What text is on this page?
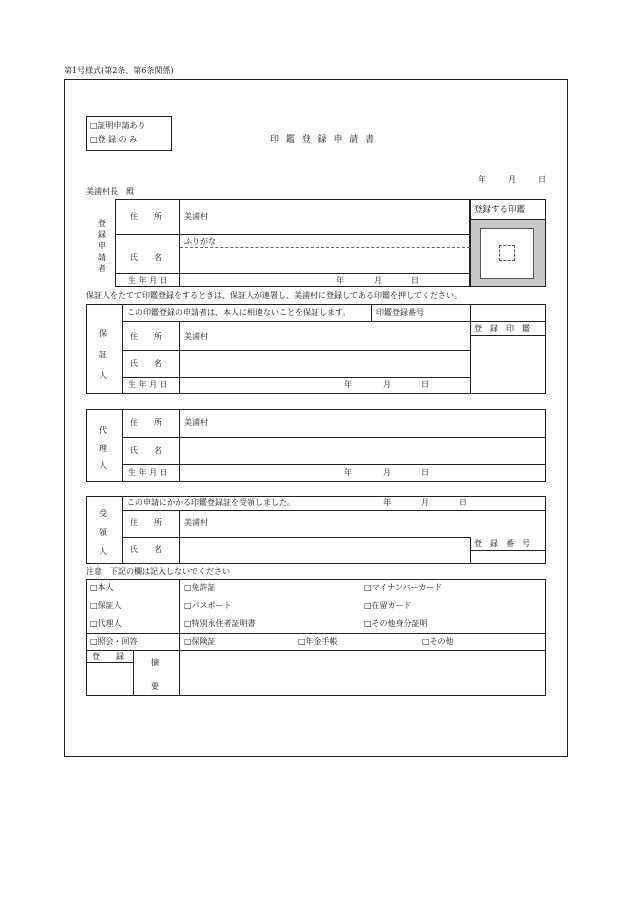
第1号様式(第2条、第6条関係)
□証明申請あり
□登 録 の み	印 鑑 登 録 申 請 書
年	月	日
美浦村長　殿
登録申請者
住　　所	美浦村
ふりがな
氏　　名
生 年 月 日	年	月	日
登録する印鑑
保証人をたてて印鑑登録をするときは、保証人が連署し、美浦村に登録してある印鑑を押してください。
保証人
この印鑑登録の申請者は、本人に相違ないことを保証します。	印鑑登録番号
登　録　印　鑑
住　　所	美浦村
氏　　名
生 年 月 日	年	月	日
代理人
住　　所	美浦村
氏　　名
生 年 月 日	年	月	日
受領人
この申請にかかる印鑑登録証を受領しました。	年	月	日
住　　所	美浦村
氏　　名
登　録　番　号
注意　下記の欄は記入しないでください
□本人	□免許証	□マイナンバーカード
□保証人	□パスポート	□在留カード
□代理人	□特別永住者証明書	□その他身分証明
□照会・回答	□保険証	□年金手帳	□その他
登　　録
摘
要
